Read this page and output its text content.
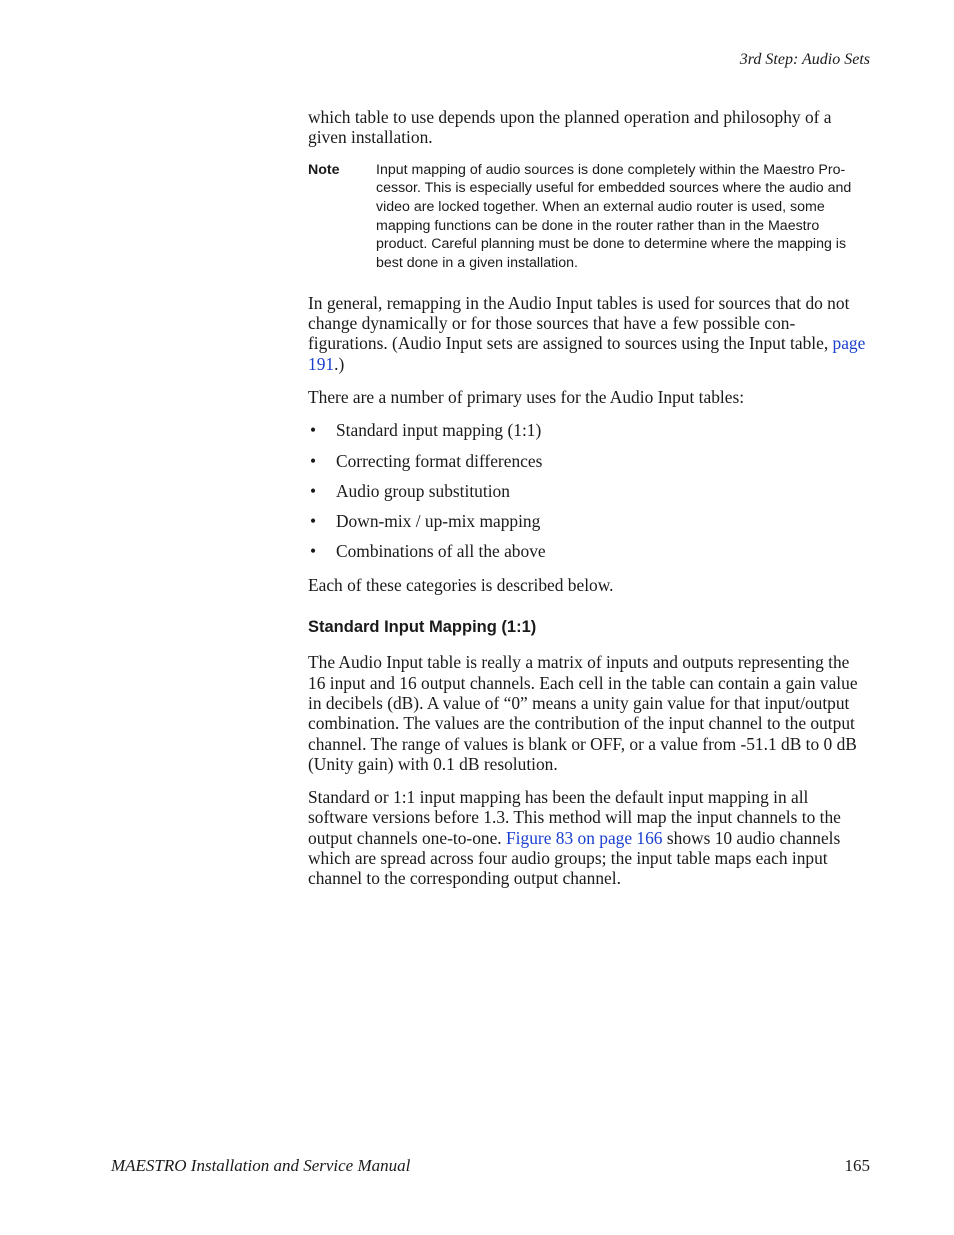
3rd Step: Audio Sets

which table to use depends upon the planned operation and philosophy of a given installation.

Note	Input mapping of audio sources is done completely within the Maestro Pro-cessor. This is especially useful for embedded sources where the audio and video are locked together. When an external audio router is used, some mapping functions can be done in the router rather than in the Maestro product. Careful planning must be done to determine where the mapping is best done in a given installation.

In general, remapping in the Audio Input tables is used for sources that do not change dynamically or for those sources that have a few possible con-figurations. (Audio Input sets are assigned to sources using the Input table, page 191.)

There are a number of primary uses for the Audio Input tables:

• Standard input mapping (1:1)
• Correcting format differences
• Audio group substitution
• Down-mix / up-mix mapping
• Combinations of all the above

Each of these categories is described below.

Standard Input Mapping (1:1)

The Audio Input table is really a matrix of inputs and outputs representing the 16 input and 16 output channels. Each cell in the table can contain a gain value in decibels (dB). A value of “0” means a unity gain value for that input/output combination. The values are the contribution of the input channel to the output channel. The range of values is blank or OFF, or a value from -51.1 dB to 0 dB (Unity gain) with 0.1 dB resolution.

Standard or 1:1 input mapping has been the default input mapping in all software versions before 1.3. This method will map the input channels to the output channels one-to-one. Figure 83 on page 166 shows 10 audio channels which are spread across four audio groups; the input table maps each input channel to the corresponding output channel.

MAESTRO Installation and Service Manual	165
